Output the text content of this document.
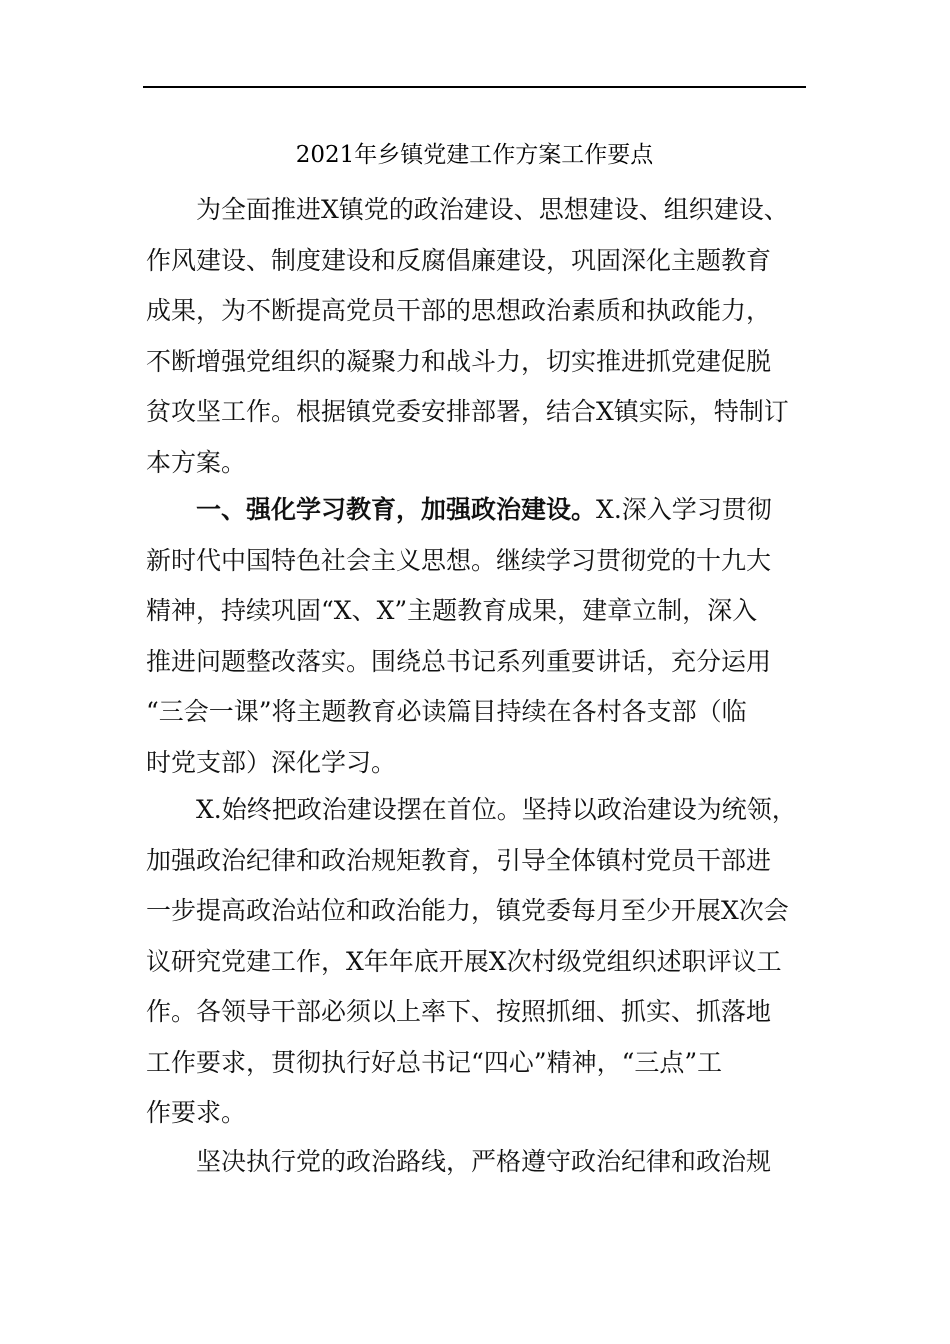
2021年乡镇党建工作方案工作要点

为全面推进X镇党的政治建设、思想建设、组织建设、
作风建设、制度建设和反腐倡廉建设，巩固深化主题教育
成果，为不断提高党员干部的思想政治素质和执政能力，
不断增强党组织的凝聚力和战斗力，切实推进抓党建促脱
贫攻坚工作。根据镇党委安排部署，结合X镇实际，特制订
本方案。

一、强化学习教育，加强政治建设。X.深入学习贯彻
新时代中国特色社会主义思想。继续学习贯彻党的十九大
精神，持续巩固“X、X”主题教育成果，建章立制，深入
推进问题整改落实。围绕总书记系列重要讲话，充分运用
“三会一课”将主题教育必读篇目持续在各村各支部（临
时党支部）深化学习。

X.始终把政治建设摆在首位。坚持以政治建设为统领，
加强政治纪律和政治规矩教育，引导全体镇村党员干部进
一步提高政治站位和政治能力，镇党委每月至少开展X次会
议研究党建工作，X年年底开展X次村级党组织述职评议工
作。各领导干部必须以上率下、按照抓细、抓实、抓落地
工作要求，贯彻执行好总书记“四心”精神，“三点”工
作要求。

坚决执行党的政治路线，严格遵守政治纪律和政治规
